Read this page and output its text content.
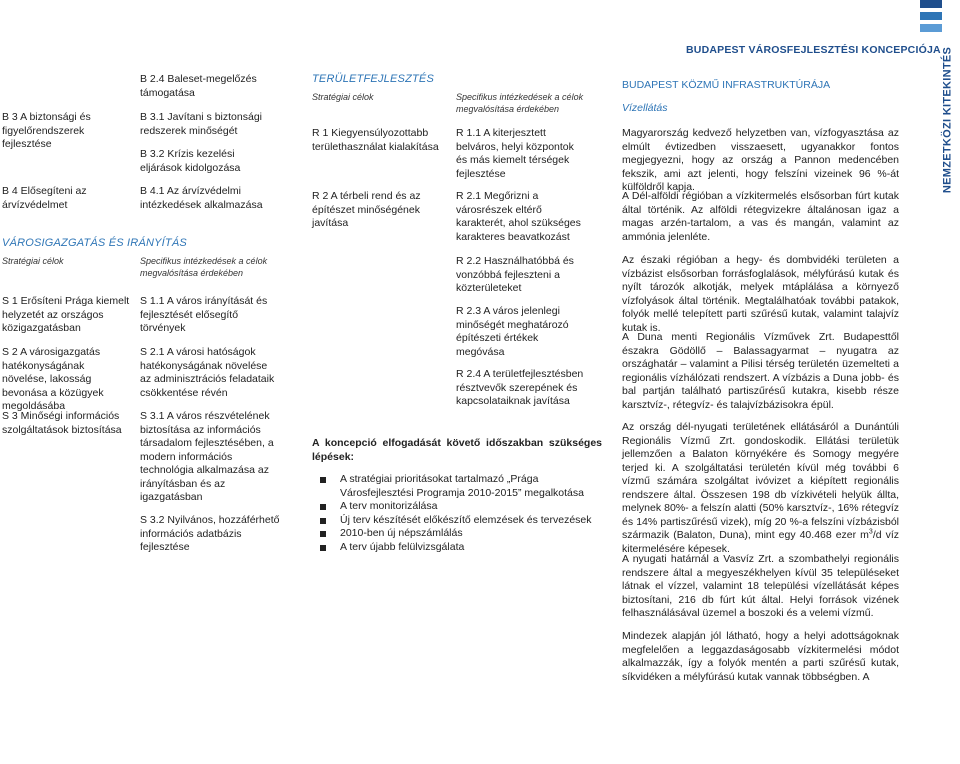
BUDAPEST VÁROSFEJLESZTÉSI KONCEPCIÓJA NEMZETKÖZI KITEKINTÉS
B 3 A biztonsági és figyelőrendszerek fejlesztése
B 4 Elősegíteni az árvízvédelmet
VÁROSIGAZGATÁS ÉS IRÁNYÍTÁS
Stratégiai célok
S 1 Erősíteni Prága kiemelt helyzetét az országos közigazgatásban
S 2 A városigazgatás hatékonyságának növelése, lakosság bevonása a közügyek megoldásába
S 3 Minőségi információs szolgáltatások biztosítása
B 2.4 Baleset-megelőzés támogatása
B 3.1 Javítani s biztonsági redszerek minőségét
B 3.2 Krízis kezelési eljárások kidolgozása
B 4.1 Az árvízvédelmi intézkedések alkalmazása
Specifikus intézkedések a célok megvalósítása érdekében
S 1.1 A város irányítását és fejlesztését elősegítő törvények
S 2.1 A városi hatóságok hatékonyságának növelése az adminisztrációs feladataik csökkentése révén
S 3.1 A város részvételének biztosítása az információs társadalom fejlesztésében, a modern információs technológia alkalmazása az irányításban és az igazgatásban
S 3.2 Nyilvános, hozzáférhető információs adatbázis fejlesztése
TERÜLETFEJLESZTÉS
Stratégiai célok
R 1 Kiegyensúlyozottabb területhasználat kialakítása
R 2 A térbeli rend és az építészet minőségének javítása
A koncepció elfogadását követő időszakban szükséges lépések:
A stratégiai prioritásokat tartalmazó „Prága Városfejlesztési Programja 2010-2015” megalkotása
A terv monitorizálása
Új terv készítését előkészítő elemzések és tervezések
2010-ben új népszámlálás
A terv újabb felülvizsgálata
Specifikus intézkedések a célok megvalósítása érdekében
R 1.1 A kiterjesztett belváros, helyi központok és más kiemelt térségek fejlesztése
R 2.1 Megőrizni a városrészek eltérő karakterét, ahol szükséges karakteres beavatkozást
R 2.2 Használhatóbbá és vonzóbbá fejleszteni a közterületeket
R 2.3 A város jelenlegi minőségét meghatározó építészeti értékek megóvása
R 2.4 A területfejlesztésben résztvevők szerepének és kapcsolataiknak javítása
BUDAPEST KÖZMŰ INFRASTRUKTÚRÁJA
Vízellátás
Magyarország kedvező helyzetben van, vízfogyasztása az elmúlt évtizedben visszaesett, ugyanakkor fontos megjegyezni, hogy az ország a Pannon medencében fekszik, ami azt jelenti, hogy felszíni vizeinek 96 %-át külföldről kapja.
A Dél-alföldi régióban a vízkitermelés elsősorban fúrt kutak által történik. Az alföldi rétegvizekre általánosan igaz a magas arzén-tartalom, a vas és mangán, valamint az ammónia jelenléte.
Az északi régióban a hegy- és dombvidéki területen a vízbázist elsősorban forrásfoglalások, mélyfúrású kutak és nyílt tározók alkotják, melyek mtáplálása a környező vízfolyások által történik. Megtalálhatóak további patakok, folyók mellé telepített parti szűrésű kutak, valamint talajvíz kutak is.
A Duna menti Regionális Vízművek Zrt. Budapesttől északra Gödöllő – Balassagyarmat – nyugatra az országhatár – valamint a Pilisi térség területén üzemelteti a regionális vízhálózati rendszert. A vízbázis a Duna jobb- és bal partján található partiszűrésű kutakra, kisebb része karsztvíz-, rétegvíz- és talajvízbázisokra épül.
Az ország dél-nyugati területének ellátásáról a Dunántúli Regionális Vízmű Zrt. gondoskodik. Ellátási területük jellemzően a Balaton környékére és Somogy megyére terjed ki. A szolgáltatási területén kívül még további 6 vízmű számára szolgáltat ivóvizet a kiépített regionális rendszere által. Összesen 198 db vízkivételi helyük állta, melynek 80%- a felszín alatti (50% karsztvíz-, 16% rétegvíz és 14% partiszűrésű vizek), míg 20 %-a felszíni vízbázisból származik (Balaton, Duna), mint egy 40.468 ezer $m^3/d$ víz kitermelésére képesek.
A nyugati határnál a Vasvíz Zrt. a szombathelyi regionális rendszere által a megyeszékhelyen kívül 35 településeket látnak el vízzel, valamint 18 települési vízellátását képes biztosítani, 216 db fúrt kút által. Helyi források vizének felhasználásával üzemel a boszoki és a velemi vízmű.
Mindezek alapján jól látható, hogy a helyi adottságoknak megfelelően a leggazdaságosabb vízkitermelési módot alkalmazzák, így a folyók mentén a parti szűrésű kutak, síkvidéken a mélyfúrású kutak vannak többségben. A
